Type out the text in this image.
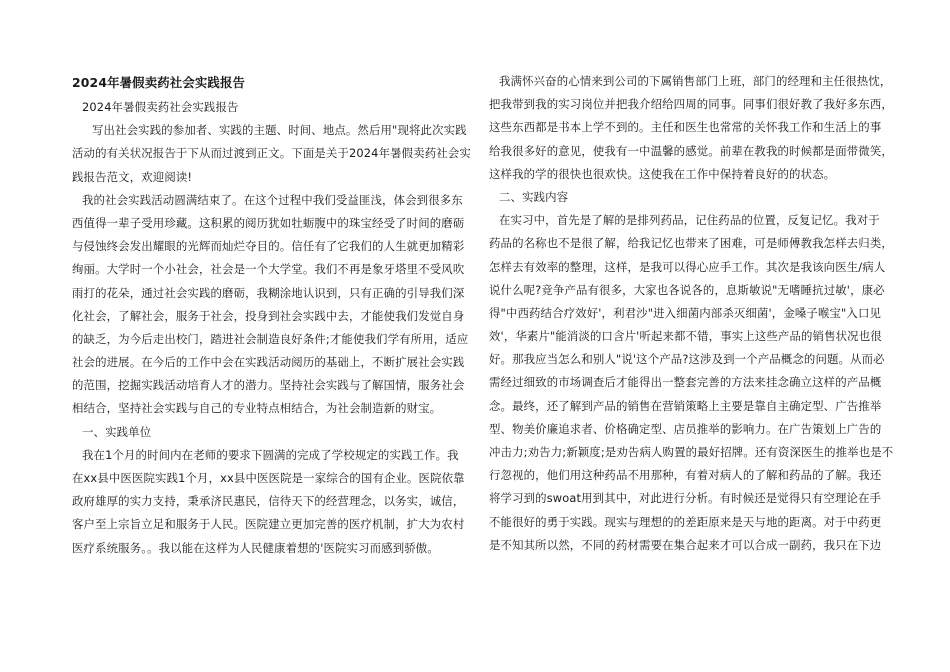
2024年暑假卖药社会实践报告
2024年暑假卖药社会实践报告
写出社会实践的参加者、实践的主题、时间、地点。然后用"现将此次实践
活动的有关状况报告于下从而过渡到正文。下面是关于2024年暑假卖药社会实
践报告范文，欢迎阅读!
我的社会实践活动圆满结束了。在这个过程中我们受益匪浅，体会到很多东
西值得一辈子受用珍藏。这积累的阅历犹如牡蛎腹中的珠宝经受了时间的磨砺
与侵蚀终会发出耀眼的光辉而灿烂夺目的。信任有了它我们的人生就更加精彩
绚丽。大学时一个小社会，社会是一个大学堂。我们不再是象牙塔里不受风吹
雨打的花朵，通过社会实践的磨砺，我糊涂地认识到，只有正确的引导我们深
化社会，了解社会，服务于社会，投身到社会实践中去，才能使我们发觉自身
的缺乏，为今后走出校门，踏进社会制造良好条件;才能使我们学有所用，适应
社会的进展。在今后的工作中会在实践活动阅历的基础上，不断扩展社会实践
的范围，挖掘实践活动培育人才的潜力。坚持社会实践与了解国情，服务社会
相结合，坚持社会实践与自己的专业特点相结合，为社会制造新的财宝。
一、实践单位
我在1个月的时间内在老师的要求下圆满的完成了学校规定的实践工作。我
在xx县中医医院实践1个月，xx县中医医院是一家综合的国有企业。医院依靠
政府雄厚的实力支持，秉承济民惠民，信待天下的经营理念，以务实，诚信，
客户至上宗旨立足和服务于人民。医院建立更加完善的医疗机制，扩大为农村
医疗系统服务。。我以能在这样为人民健康着想的'医院实习而感到骄傲。
我满怀兴奋的心情来到公司的下属销售部门上班，部门的经理和主任很热忱，
把我带到我的实习岗位并把我介绍给四周的同事。同事们很好教了我好多东西，
这些东西都是书本上学不到的。主任和医生也常常的关怀我工作和生活上的事
给我很多好的意见，使我有一中温馨的感觉。前辈在教我的时候都是面带微笑，
这样我的学的很快也很欢快。这使我在工作中保持着良好的的状态。
二、实践内容
在实习中，首先是了解的是排列药品，记住药品的位置，反复记忆。我对于
药品的名称也不是很了解，给我记忆也带来了困难，可是师傅教我怎样去归类，
怎样去有效率的整理，这样，是我可以得心应手工作。其次是我该向医生/病人
说什么呢?竞争产品有很多，大家也各说各的，息斯敏说"无嗜睡抗过敏'，康必
得"中西药结合疗效好'，利君沙"进入细菌内部杀灭细菌'，金嗓子喉宝"入口见
效'，华素片"能消淡的口含片'听起来都不错，事实上这些产品的销售状况也很
好。那我应当怎么和别人"说'这个产品?这涉及到一个产品概念的问题。从而必
需经过细致的市场调查后才能得出一整套完善的方法来挂念确立这样的产品概
念。最终，还了解到产品的销售在营销策略上主要是靠自主确定型、广告推举
型、物美价廉追求者、价格确定型、店员推举的影响力。在广告策划上广告的
冲击力;劝告力;新颖度;是劝告病人购置的最好招牌。还有资深医生的推举也是不
行忽视的，他们用这种药品不用那种，有着对病人的了解和药品的了解。我还
将学习到的swoat用到其中，对此进行分析。有时候还是觉得只有空理论在手
不能很好的勇于实践。现实与理想的的差距原来是天与地的距离。对于中药更
是不知其所以然，不同的药材需要在集合起来才可以合成一副药，我只在下边
